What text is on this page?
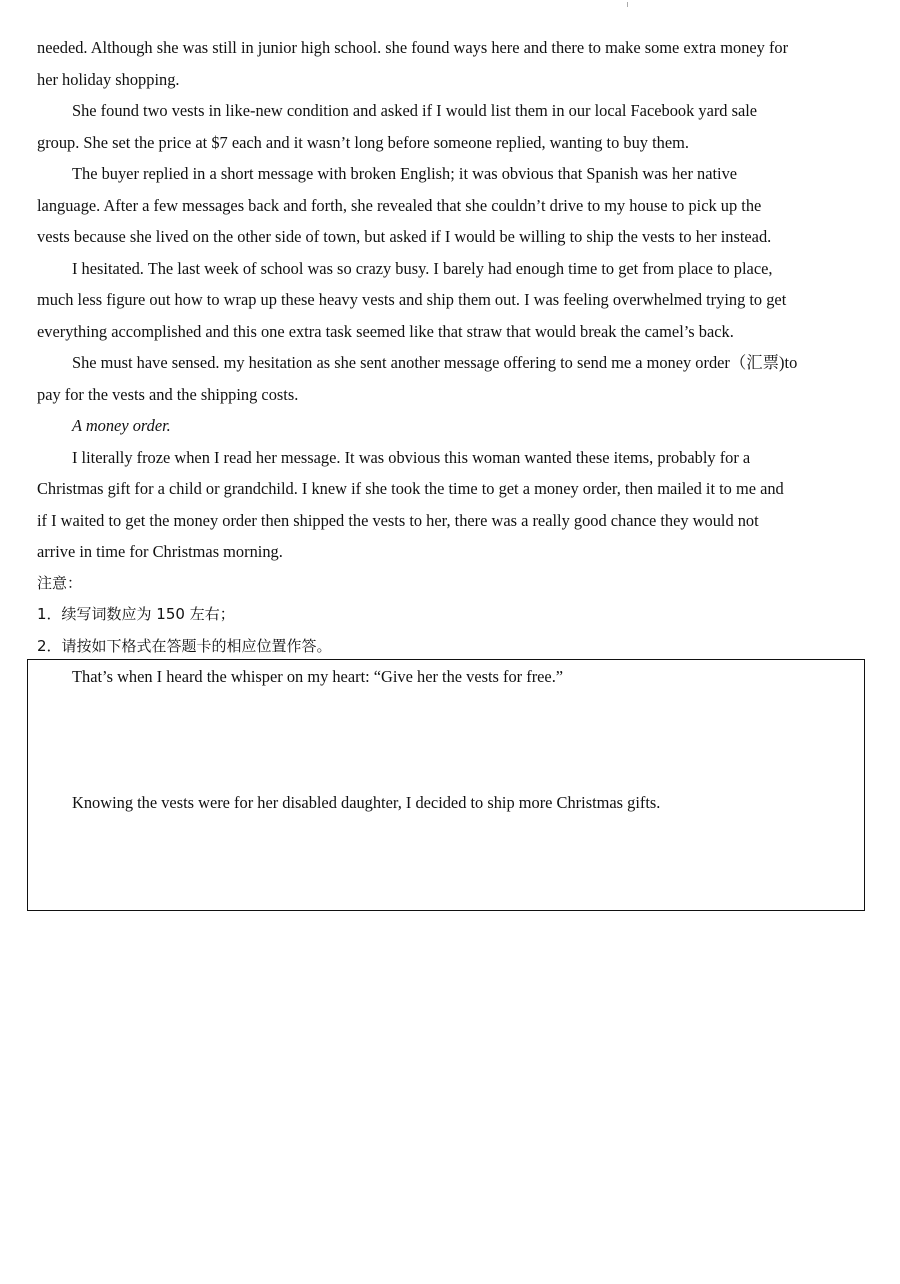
needed. Although she was still in junior high school. she found ways here and there to make some extra money for
her holiday shopping.
She found two vests in like-new condition and asked if I would list them in our local Facebook yard sale
group. She set the price at $7 each and it wasn’t long before someone replied, wanting to buy them.
The buyer replied in a short message with broken English; it was obvious that Spanish was her native
language. After a few messages back and forth, she revealed that she couldn’t drive to my house to pick up the
vests because she lived on the other side of town, but asked if I would be willing to ship the vests to her instead.
I hesitated. The last week of school was so crazy busy. I barely had enough time to get from place to place,
much less figure out how to wrap up these heavy vests and ship them out. I was feeling overwhelmed trying to get
everything accomplished and this one extra task seemed like that straw that would break the camel’s back.
She must have sensed. my hesitation as she sent another message offering to send me a money order（汇票)to
pay for the vests and the shipping costs.
A money order.
I literally froze when I read her message. It was obvious this woman wanted these items, probably for a
Christmas gift for a child or grandchild. I knew if she took the time to get a money order, then mailed it to me and
if I waited to get the money order then shipped the vests to her, there was a really good chance they would not
arrive in time for Christmas morning.
注意：
1．续写词数应为 150 左右；
2．请按如下格式在答题卡的相应位置作答。
That’s when I heard the whisper on my heart: “Give her the vests for free.”
Knowing the vests were for her disabled daughter, I decided to ship more Christmas gifts.
